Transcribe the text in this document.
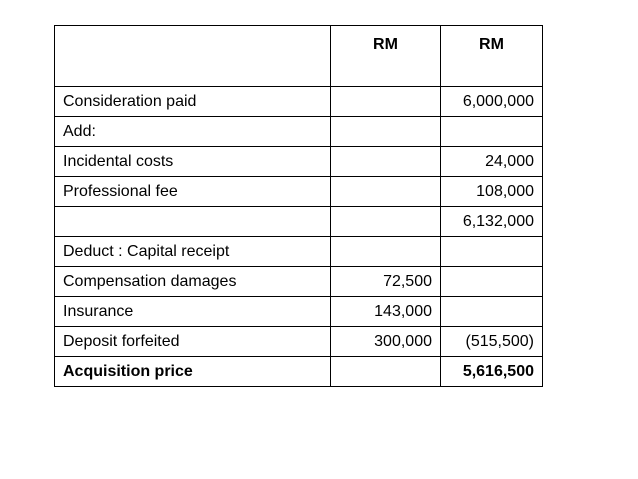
	RM	RM
Consideration paid		6,000,000
Add:		
Incidental costs		24,000
Professional fee		108,000
		6,132,000
Deduct : Capital receipt		
Compensation damages	72,500	
Insurance	143,000	
Deposit forfeited	300,000	(515,500)
Acquisition price		5,616,500
